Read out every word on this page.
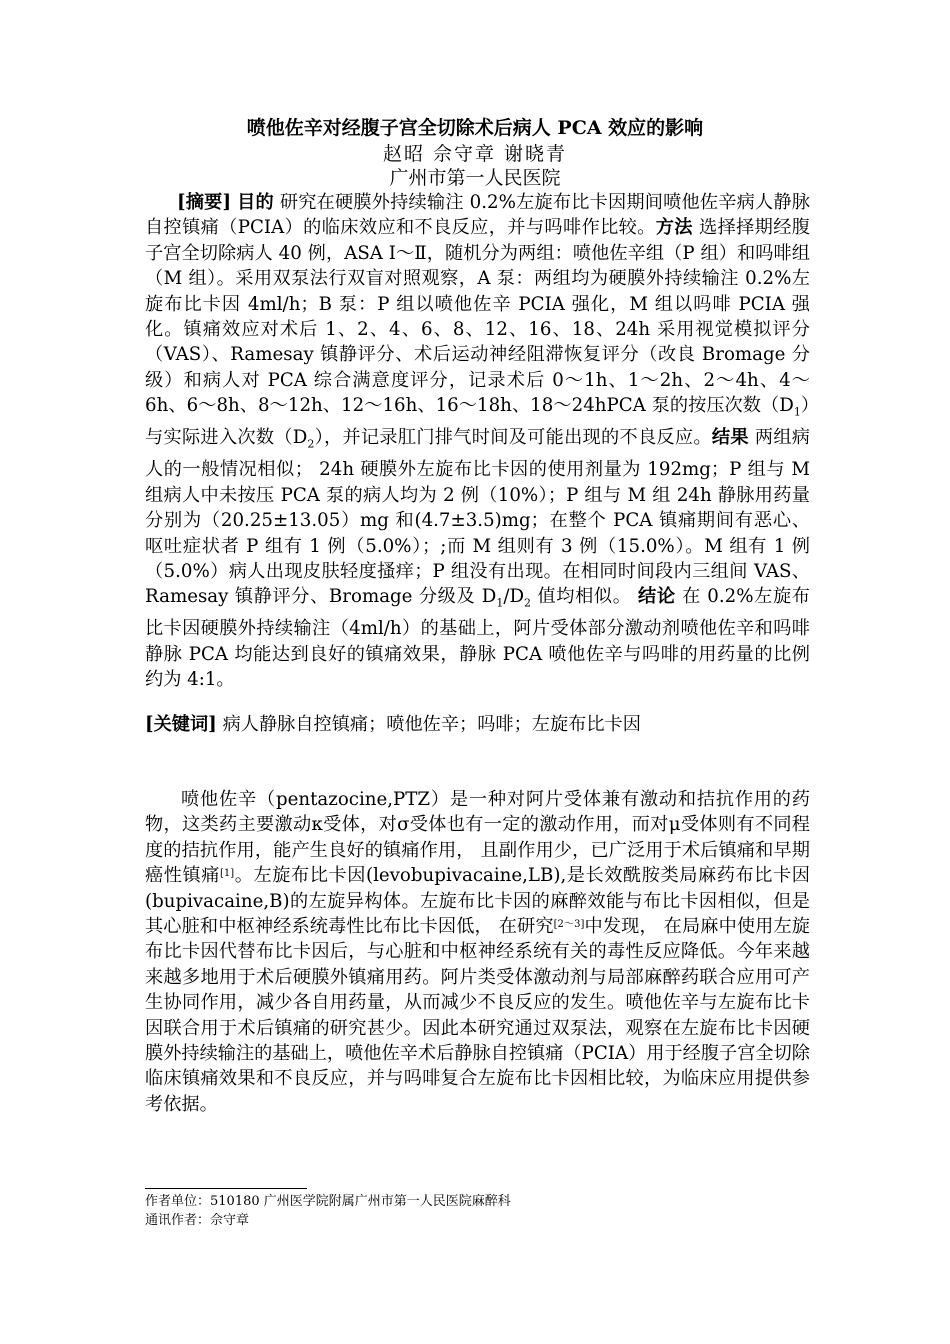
喷他佐辛对经腹子宫全切除术后病人 PCA 效应的影响
赵昭 佘守章 谢晓青
广州市第一人民医院

[摘要] 目的 研究在硬膜外持续输注 0.2%左旋布比卡因期间喷他佐辛病人静脉自控镇痛（PCIA）的临床效应和不良反应，并与吗啡作比较。方法 选择择期经腹子宫全切除病人 40 例，ASA Ⅰ～Ⅱ，随机分为两组：喷他佐辛组（P 组）和吗啡组（M 组）。采用双泵法行双盲对照观察，A 泵：两组均为硬膜外持续输注 0.2%左旋布比卡因 4ml/h；B 泵：P 组以喷他佐辛 PCIA 强化，M 组以吗啡 PCIA 强化。镇痛效应对术后 1、2、4、6、8、12、16、18、24h 采用视觉模拟评分（VAS）、Ramesay 镇静评分、术后运动神经阻滞恢复评分（改良 Bromage 分级）和病人对 PCA 综合满意度评分，记录术后 0～1h、1～2h、2～4h、4～6h、6～8h、8～12h、12～16h、16～18h、18～24hPCA 泵的按压次数$(D_1)$与实际进入次数$(D_2)$，并记录肛门排气时间及可能出现的不良反应。结果 两组病人的一般情况相似； 24h 硬膜外左旋布比卡因的使用剂量为 192mg；P 组与 M 组病人中未按压 PCA 泵的病人均为 2 例（10%）；P 组与 M 组 24h 静脉用药量分别为（20.25±13.05）mg 和(4.7±3.5)mg；在整个 PCA 镇痛期间有恶心、呕吐症状者 P 组有 1 例（5.0%）；;而 M 组则有 3 例（15.0%）。M 组有 1 例（5.0%）病人出现皮肤轻度搔痒；P 组没有出现。在相同时间段内三组间 VAS、Ramesay 镇静评分、Bromage 分级及 $D_1/D_2$ 值均相似。 结论 在 0.2%左旋布比卡因硬膜外持续输注（4ml/h）的基础上，阿片受体部分激动剂喷他佐辛和吗啡静脉 PCA 均能达到良好的镇痛效果，静脉 PCA 喷他佐辛与吗啡的用药量的比例约为 4:1。

[关键词] 病人静脉自控镇痛；喷他佐辛；吗啡；左旋布比卡因

喷他佐辛（pentazocine,PTZ）是一种对阿片受体兼有激动和拮抗作用的药物，这类药主要激动κ受体，对σ受体也有一定的激动作用，而对μ受体则有不同程度的拮抗作用，能产生良好的镇痛作用， 且副作用少，已广泛用于术后镇痛和早期癌性镇痛[1]。左旋布比卡因(levobupivacaine,LB),是长效酰胺类局麻药布比卡因(bupivacaine,B)的左旋异构体。左旋布比卡因的麻醉效能与布比卡因相似，但是其心脏和中枢神经系统毒性比布比卡因低， 在研究[2～3]中发现， 在局麻中使用左旋布比卡因代替布比卡因后，与心脏和中枢神经系统有关的毒性反应降低。今年来越来越多地用于术后硬膜外镇痛用药。阿片类受体激动剂与局部麻醉药联合应用可产生协同作用，减少各自用药量，从而减少不良反应的发生。喷他佐辛与左旋布比卡因联合用于术后镇痛的研究甚少。因此本研究通过双泵法，观察在左旋布比卡因硬膜外持续输注的基础上，喷他佐辛术后静脉自控镇痛（PCIA）用于经腹子宫全切除临床镇痛效果和不良反应，并与吗啡复合左旋布比卡因相比较，为临床应用提供参考依据。

作者单位：510180 广州医学院附属广州市第一人民医院麻醉科
通讯作者：佘守章
